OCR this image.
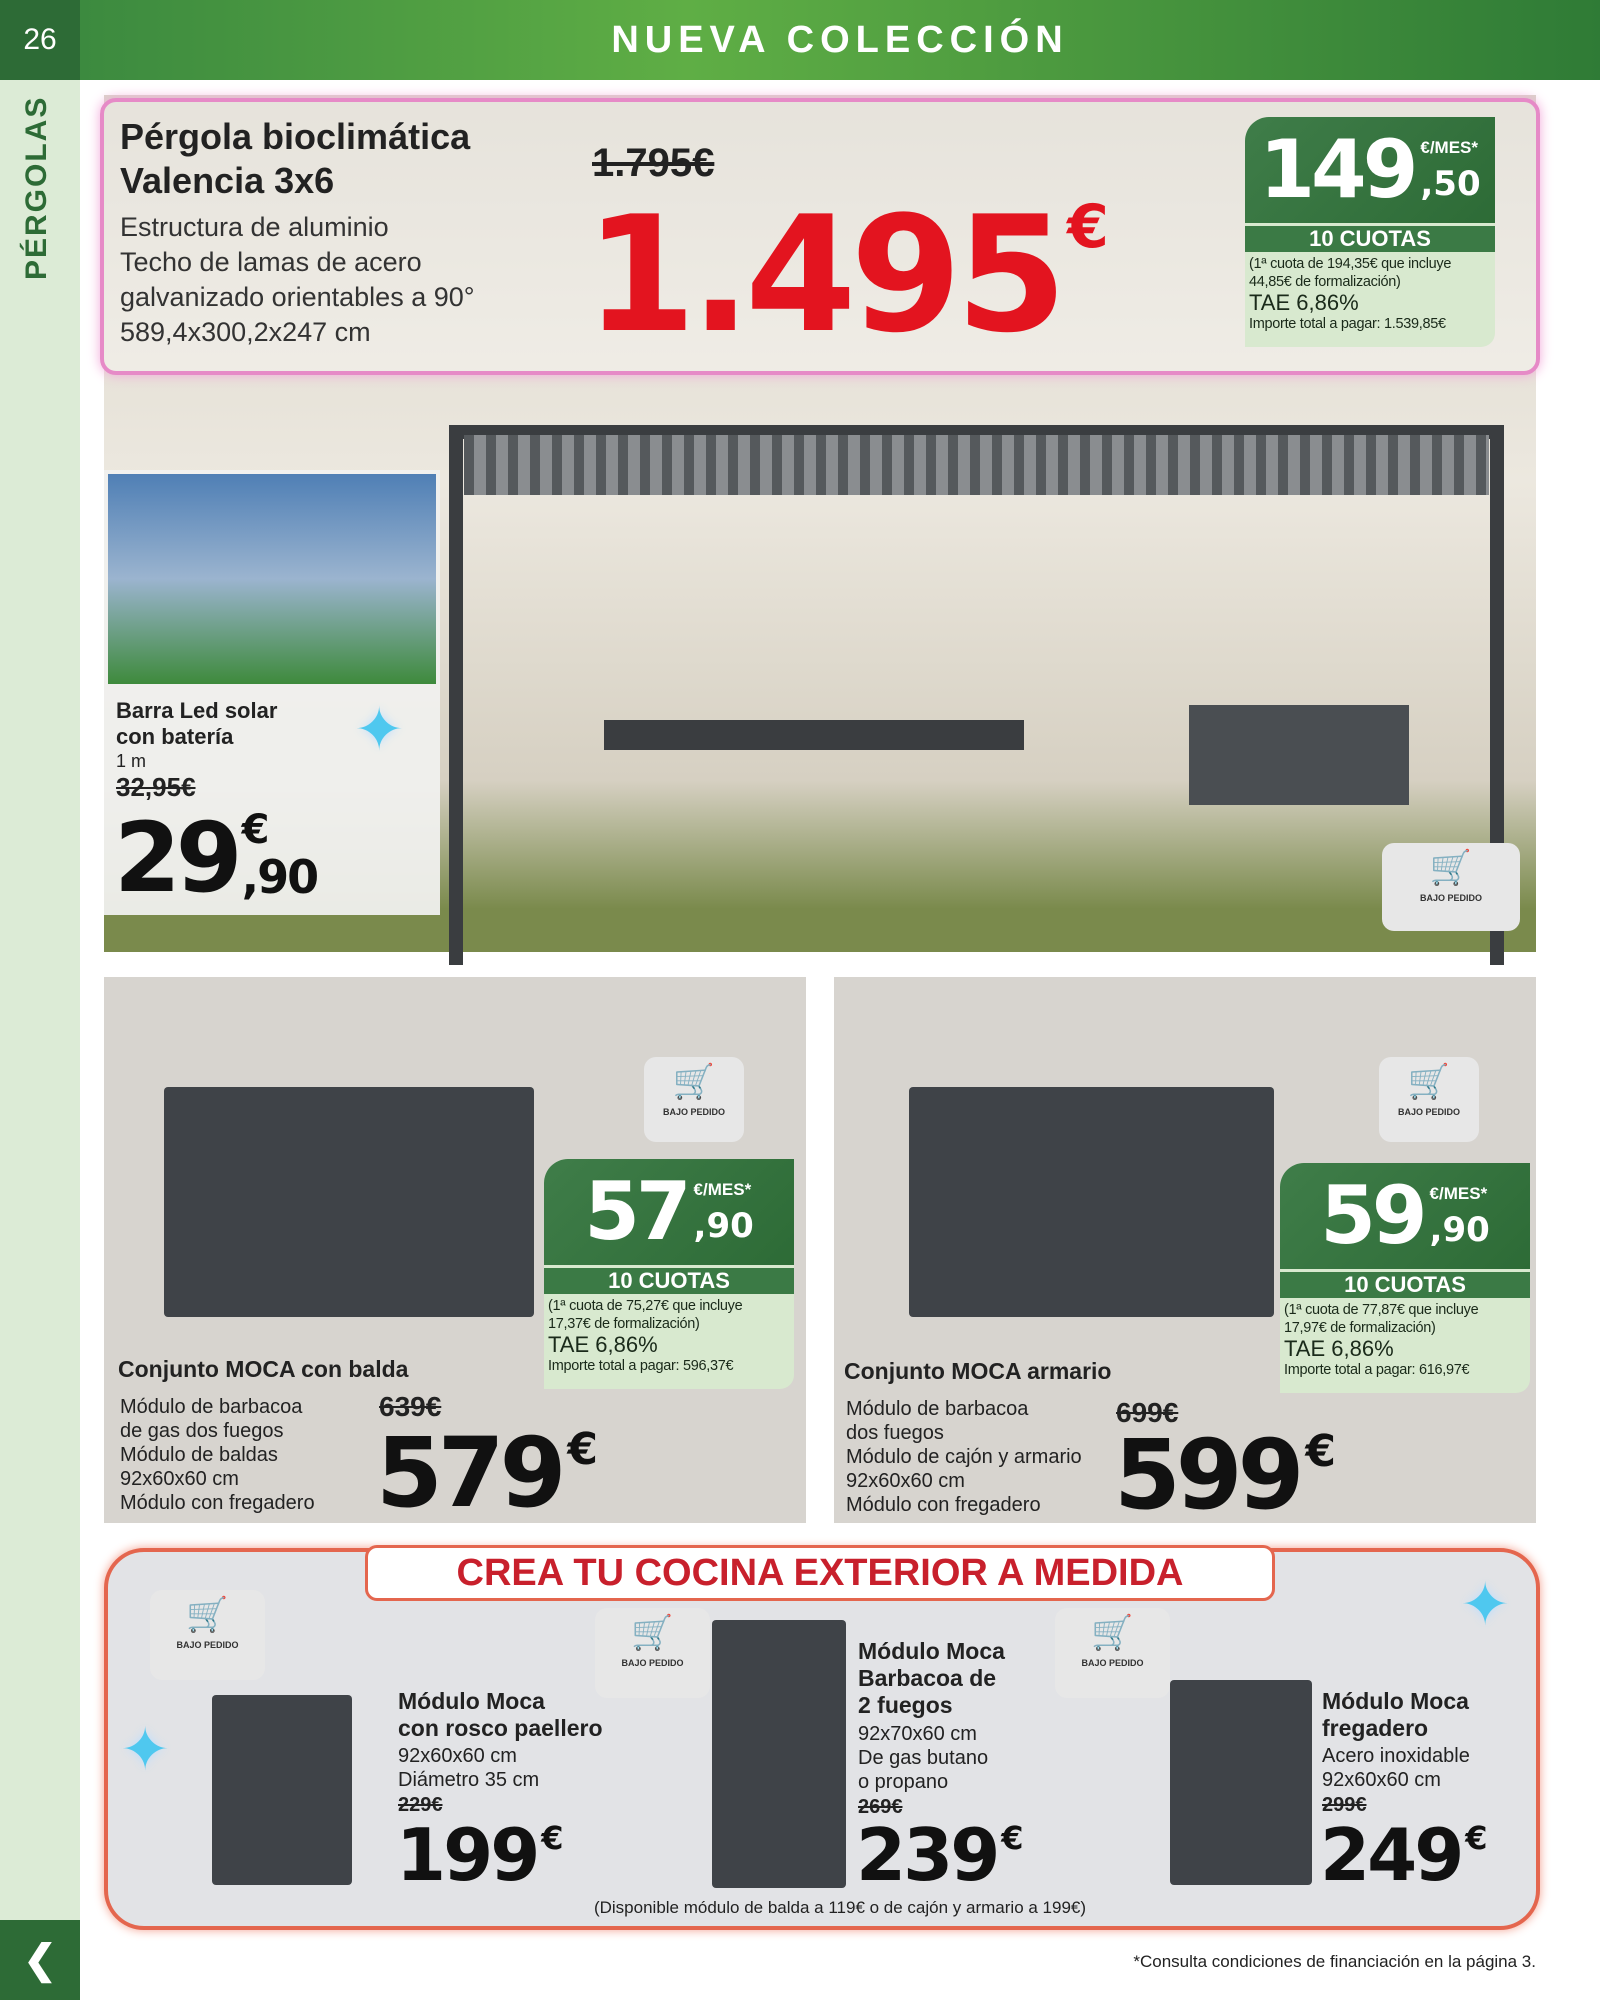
26
PÉRGOLAS
❮
NUEVA COLECCIÓN
🛒
BAJO PEDIDO
Pérgola bioclimática
Valencia 3x6
Estructura de aluminio
Techo de lamas de acero
galvanizado orientables a 90°
589,4x300,2x247 cm
1.795€
1.495 €
149 €/MES*
,50
10 CUOTAS
(1ª cuota de 194,35€ que incluye
44,85€ de formalización)
TAE 6,86%
Importe total a pagar: 1.539,85€
✦
Barra Led solar
con batería
1 m
32,95€
29 €
,90
🛒
BAJO PEDIDO
57 €/MES*
,90
10 CUOTAS
(1ª cuota de 75,27€ que incluye
17,37€ de formalización)
TAE 6,86%
Importe total a pagar: 596,37€
Conjunto MOCA con balda
Módulo de barbacoa
de gas dos fuegos
Módulo de baldas
92x60x60 cm
Módulo con fregadero
639€
579 €
🛒
BAJO PEDIDO
59 €/MES*
,90
10 CUOTAS
(1ª cuota de 77,87€ que incluye
17,97€ de formalización)
TAE 6,86%
Importe total a pagar: 616,97€
Conjunto MOCA armario
Módulo de barbacoa
dos fuegos
Módulo de cajón y armario
92x60x60 cm
Módulo con fregadero
699€
599 €
CREA TU COCINA EXTERIOR A MEDIDA
✦
✦
🛒
BAJO PEDIDO
Módulo Moca
con rosco paellero
92x60x60 cm
Diámetro 35 cm
229€
199 €
🛒
BAJO PEDIDO	Módulo Moca
Barbacoa de
2 fuegos
92x70x60 cm
De gas butano
o propano
269€
239 €
🛒
BAJO PEDIDO
Módulo Moca
fregadero
Acero inoxidable
92x60x60 cm
299€
249 €
(Disponible módulo de balda a 119€ o de cajón y armario a 199€)
*Consulta condiciones de financiación en la página 3.
